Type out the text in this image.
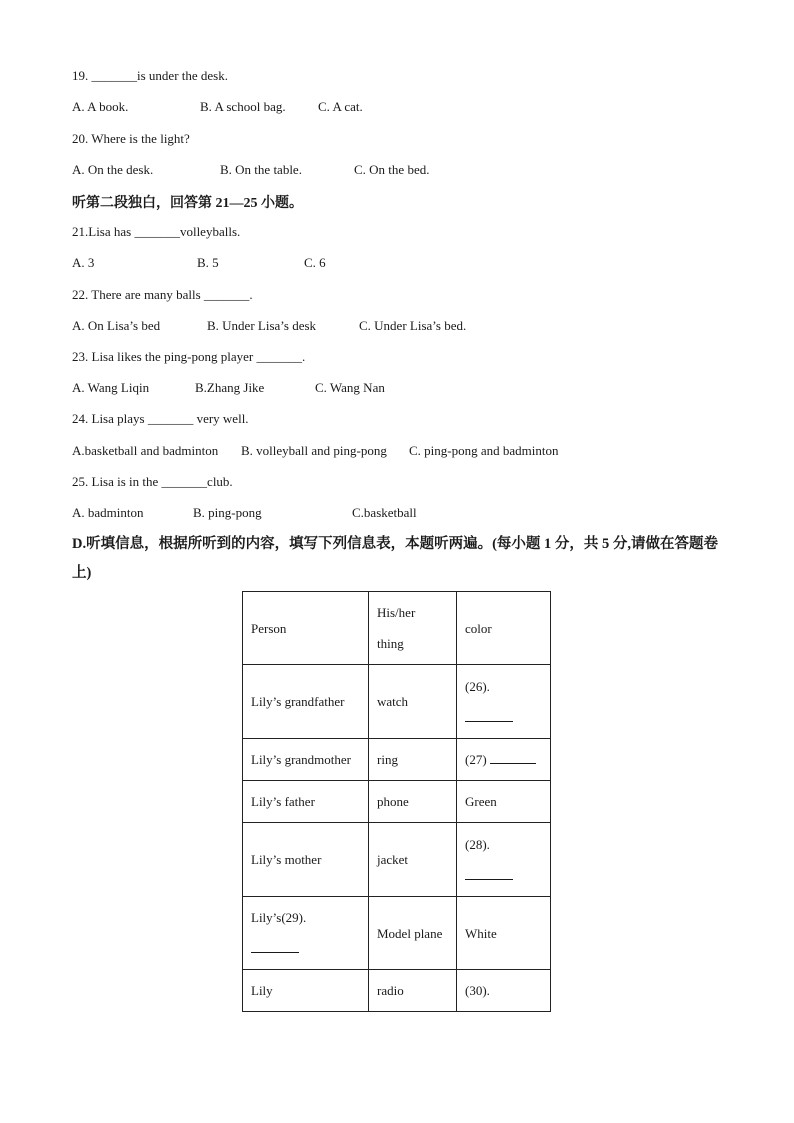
19. _______is under the desk.
A. A book.	B. A school bag. C. A cat.
20. Where is the light?
A. On the desk.	B. On the table.	C. On the bed.
听第二段独白，回答第 21—25 小题。
21.Lisa has _______volleyballs.
A. 3	B. 5	C. 6
22. There are many balls _______.
A. On Lisa’s bed	B. Under Lisa’s desk	C. Under Lisa’s bed.
23. Lisa likes the ping-pong player _______.
A. Wang Liqin	B.Zhang Jike	C. Wang Nan
24. Lisa plays _______ very well.
A.basketball and badminton B. volleyball and ping-pong C. ping-pong and badminton
25. Lisa is in the _______club.
A. badminton	B. ping-pong	C.basketball
D.听填信息，根据所听到的内容，填写下列信息表，本题听两遍。(每小题 1 分，共 5 分,请做在答题卷上)
Person	His/her thing	color
Lily’s grandfather	watch	(26).

Lily’s grandmother	ring	(27)
Lily’s father	phone	Green
Lily’s mother	jacket	(28).

Lily’s(29).	Model plane	White
Lily	radio	(30).
